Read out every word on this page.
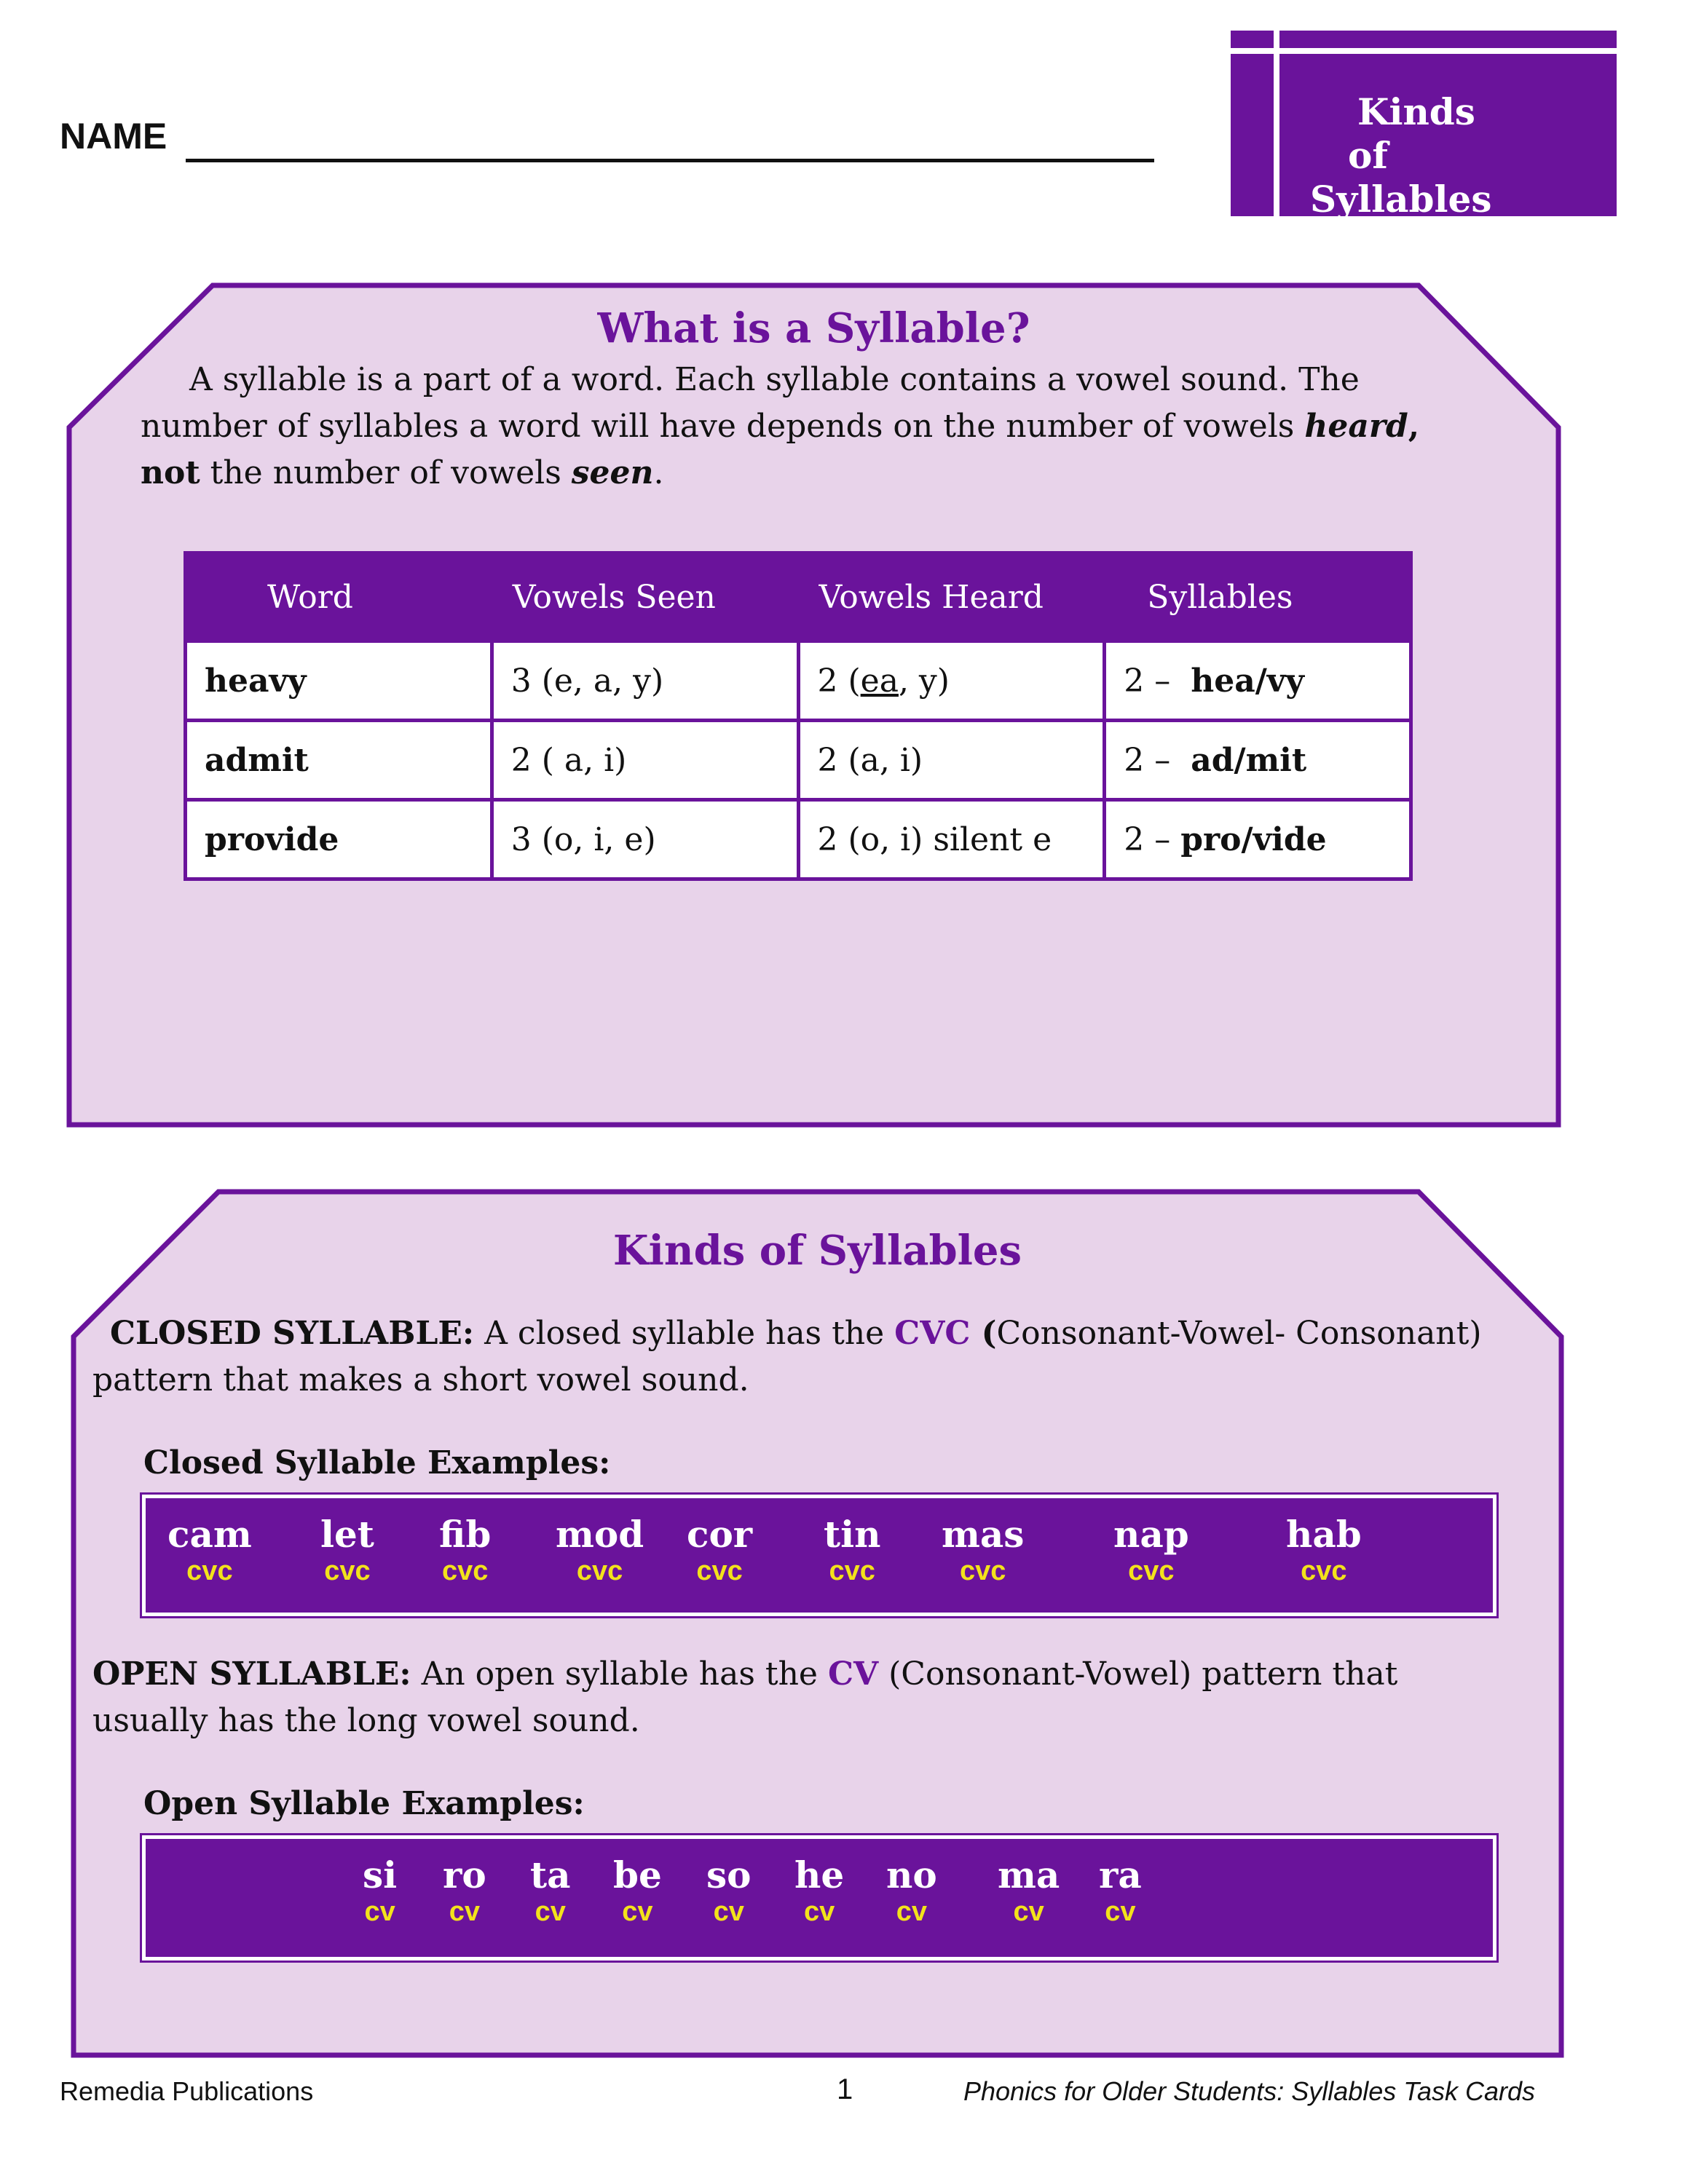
NAME
Kinds
of
Syllables
What is a Syllable?
A syllable is a part of a word. Each syllable contains a vowel sound. The
number of syllables a word will have depends on the number of vowels heard,
not the number of vowels seen.
Word	Vowels Seen	Vowels Heard	Syllables
heavy	3 (e, a, y)	2 (ea, y)	2 – hea/vy
admit	2 ( a, i)	2 (a, i)	2 – ad/mit
provide	3 (o, i, e)	2 (o, i) silent e	2 – pro/vide
Kinds of Syllables
CLOSED SYLLABLE: A closed syllable has the CVC (Consonant-Vowel- Consonant)
pattern that makes a short vowel sound.
Closed Syllable Examples:
cam
cvc
let
cvc
fib
cvc
mod
cvc
cor
cvc
tin
cvc
mas
cvc
nap
cvc
hab
cvc
OPEN SYLLABLE: An open syllable has the CV (Consonant-Vowel) pattern that
usually has the long vowel sound.
Open Syllable Examples:
si
cv
ro
cv
ta
cv
be
cv
so
cv
he
cv
no
cv
ma
cv
ra
cv
Remedia Publications	1	Phonics for Older Students: Syllables Task Cards
